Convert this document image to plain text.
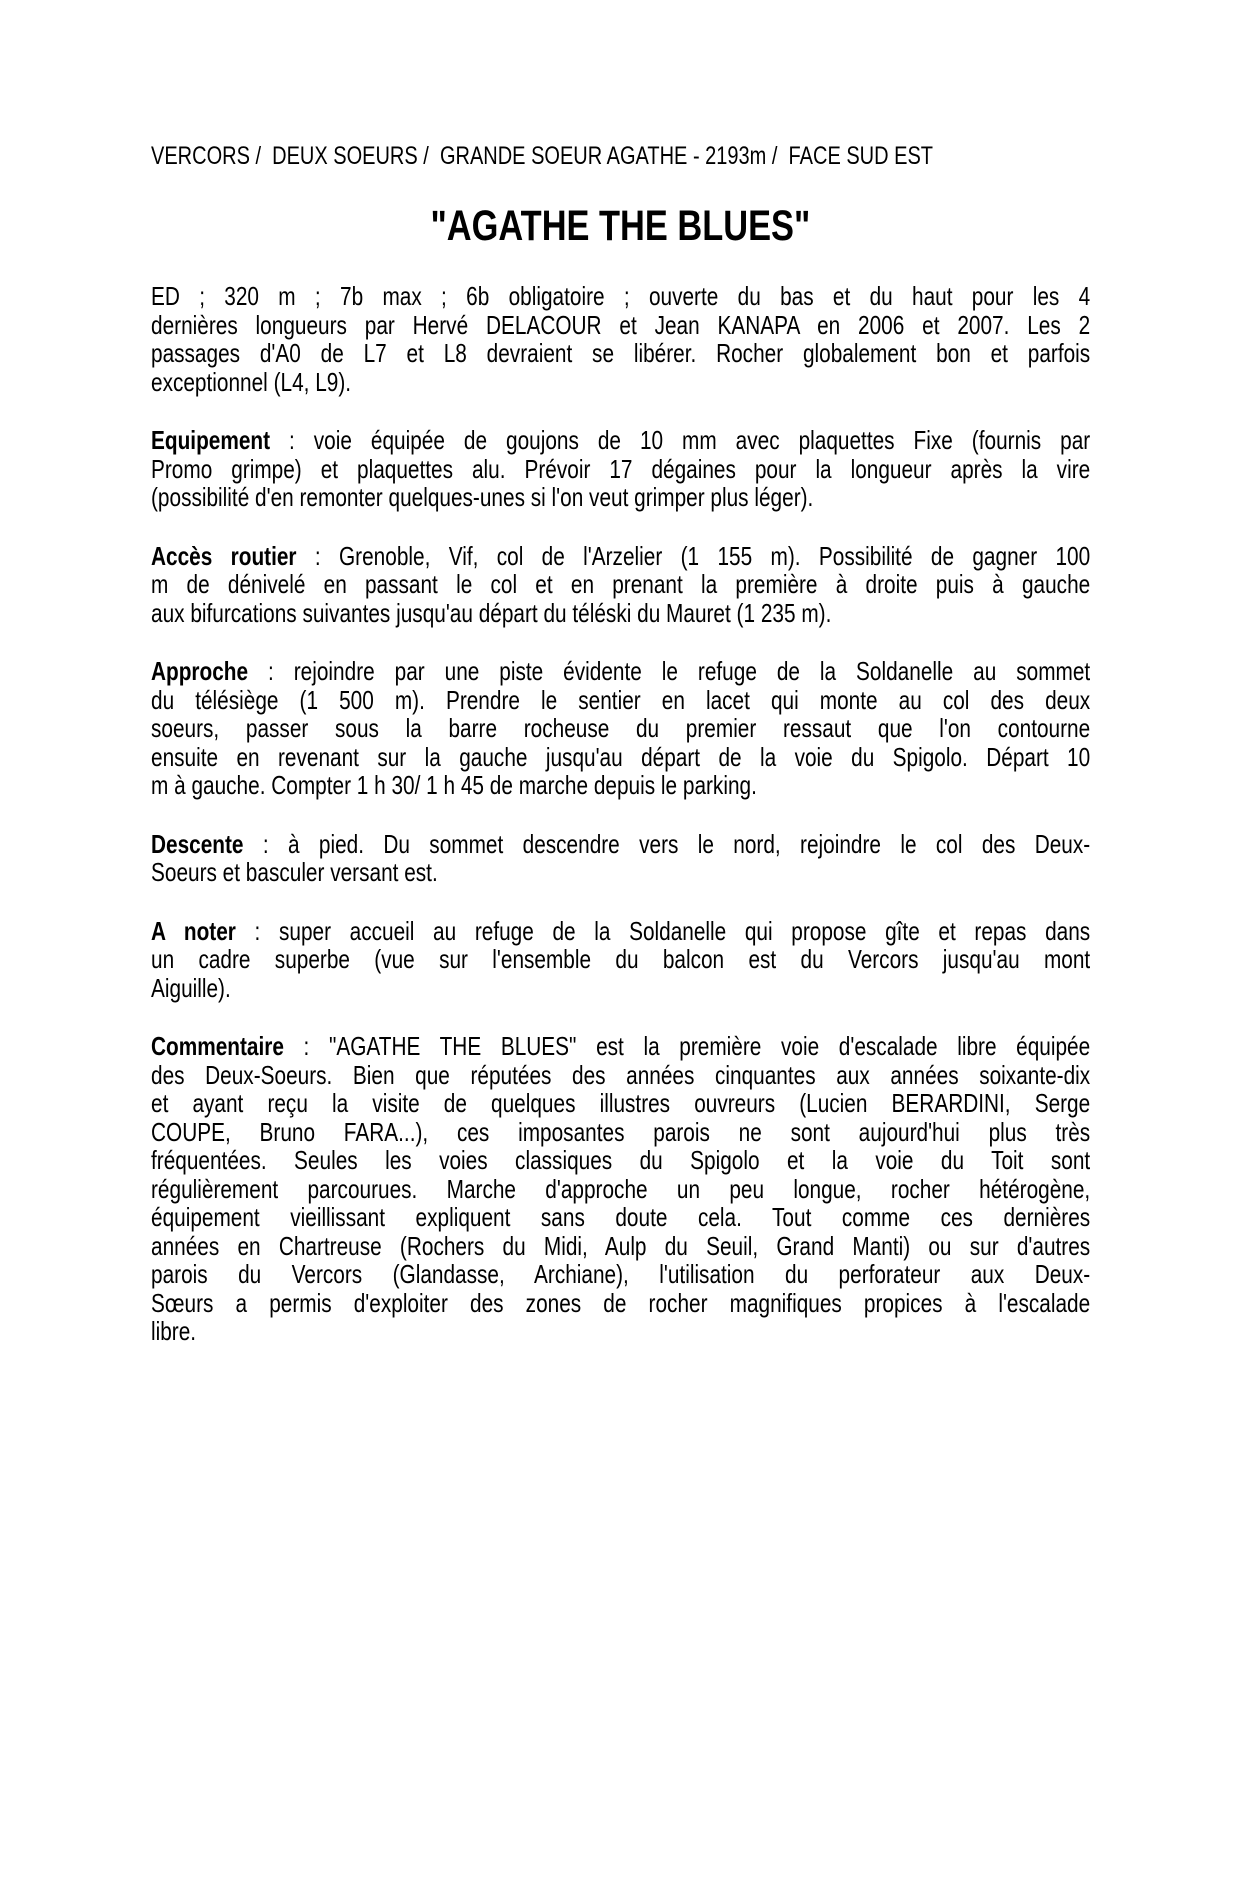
VERCORS /  DEUX SOEURS /  GRANDE SOEUR AGATHE - 2193m /  FACE SUD EST
"AGATHE THE BLUES"
ED ; 320 m ; 7b max ; 6b obligatoire ; ouverte du bas et du haut pour les 4
dernières longueurs par Hervé DELACOUR et Jean KANAPA en 2006 et 2007. Les 2
passages d'A0 de L7 et L8 devraient se libérer. Rocher globalement bon et parfois
exceptionnel (L4, L9).
Equipement : voie équipée de goujons de 10 mm avec plaquettes Fixe (fournis par
Promo grimpe) et plaquettes alu. Prévoir 17 dégaines pour la longueur après la vire
(possibilité d'en remonter quelques-unes si l'on veut grimper plus léger).
Accès routier : Grenoble, Vif, col de l'Arzelier (1 155 m). Possibilité de gagner 100
m de dénivelé en passant le col et en prenant la première à droite puis à gauche
aux bifurcations suivantes jusqu'au départ du téléski du Mauret (1 235 m).
Approche : rejoindre par une piste évidente le refuge de la Soldanelle au sommet
du télésiège (1 500 m). Prendre le sentier en lacet qui monte au col des deux
soeurs, passer sous la barre rocheuse du premier ressaut que l'on contourne
ensuite en revenant sur la gauche jusqu'au départ de la voie du Spigolo. Départ 10
m à gauche. Compter 1 h 30/ 1 h 45 de marche depuis le parking.
Descente : à pied. Du sommet descendre vers le nord, rejoindre le col des Deux-
Soeurs et basculer versant est.
A noter : super accueil au refuge de la Soldanelle qui propose gîte et repas dans
un cadre superbe (vue sur l'ensemble du balcon est du Vercors jusqu'au mont
Aiguille).
Commentaire : "AGATHE THE BLUES" est la première voie d'escalade libre équipée
des Deux-Soeurs. Bien que réputées des années cinquantes aux années soixante-dix
et ayant reçu la visite de quelques illustres ouvreurs (Lucien BERARDINI, Serge
COUPE, Bruno FARA...), ces imposantes parois ne sont aujourd'hui plus très
fréquentées. Seules les voies classiques du Spigolo et la voie du Toit sont
régulièrement parcourues. Marche d'approche un peu longue, rocher hétérogène,
équipement vieillissant expliquent sans doute cela. Tout comme ces dernières
années en Chartreuse (Rochers du Midi, Aulp du Seuil, Grand Manti) ou sur d'autres
parois du Vercors (Glandasse, Archiane), l'utilisation du perforateur aux Deux-
Sœurs a permis d'exploiter des zones de rocher magnifiques propices à l'escalade
libre.
